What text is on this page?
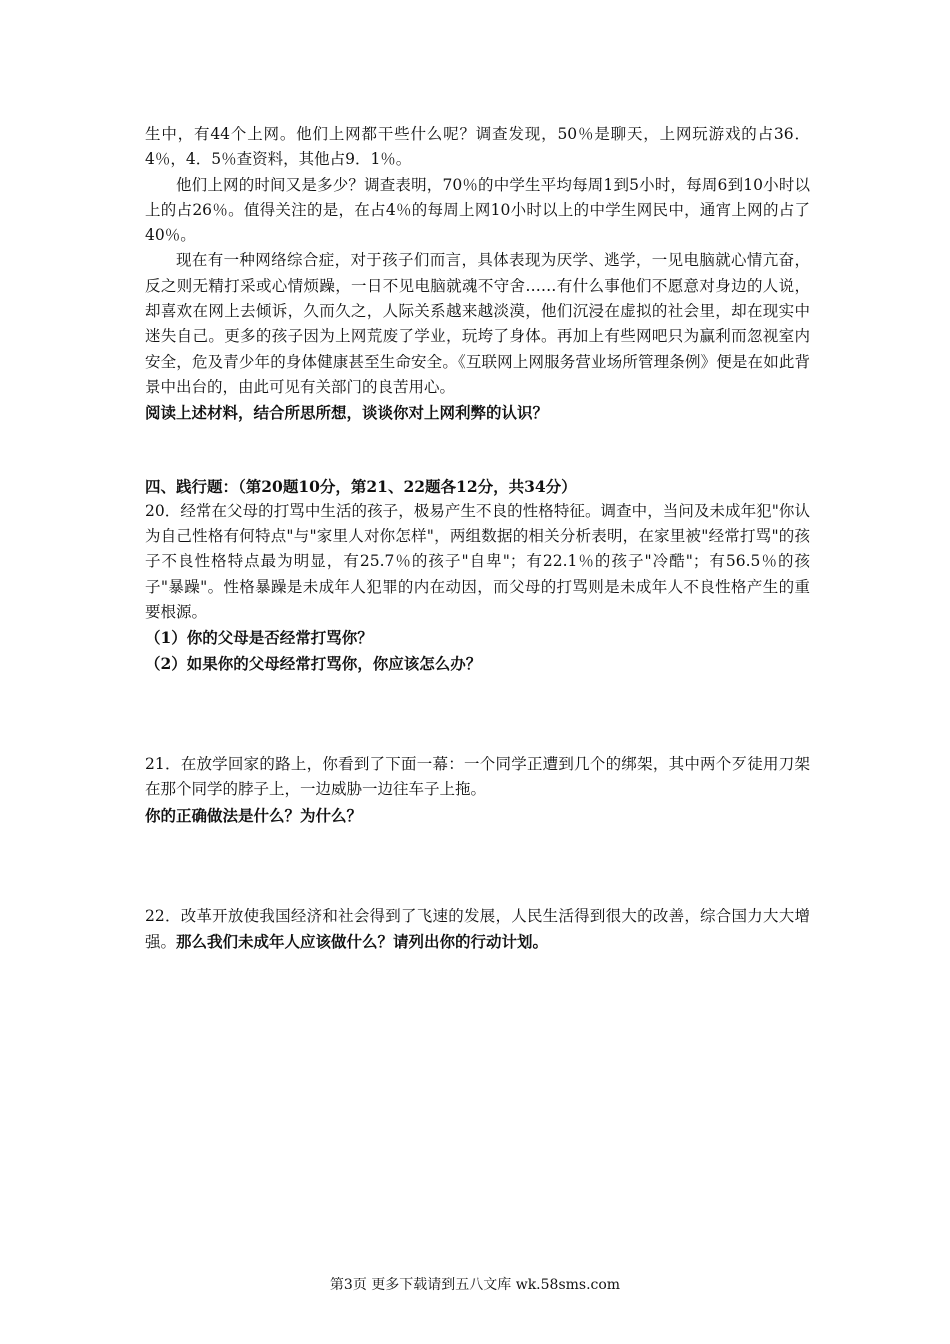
生中，有44个上网。他们上网都干些什么呢？调查发现，50％是聊天，上网玩游戏的占36．4％，4．5％查资料，其他占9．1％。

他们上网的时间又是多少？调查表明，70％的中学生平均每周1到5小时，每周6到10小时以上的占26％。值得关注的是，在占4％的每周上网10小时以上的中学生网民中，通宵上网的占了40％。

现在有一种网络综合症，对于孩子们而言，具体表现为厌学、逃学，一见电脑就心情亢奋，反之则无精打采或心情烦躁，一日不见电脑就魂不守舍……有什么事他们不愿意对身边的人说，却喜欢在网上去倾诉，久而久之，人际关系越来越淡漠，他们沉浸在虚拟的社会里，却在现实中迷失自己。更多的孩子因为上网荒废了学业，玩垮了身体。再加上有些网吧只为赢利而忽视室内安全，危及青少年的身体健康甚至生命安全。《互联网上网服务营业场所管理条例》便是在如此背景中出台的，由此可见有关部门的良苦用心。

阅读上述材料，结合所思所想，谈谈你对上网利弊的认识？

四、践行题：（第20题10分，第21、22题各12分，共34分）

20．经常在父母的打骂中生活的孩子，极易产生不良的性格特征。调查中，当问及未成年犯"你认为自己性格有何特点"与"家里人对你怎样"，两组数据的相关分析表明，在家里被"经常打骂"的孩子不良性格特点最为明显，有25.7％的孩子"自卑"；有22.1％的孩子"冷酷"；有56.5％的孩子"暴躁"。性格暴躁是未成年人犯罪的内在动因，而父母的打骂则是未成年人不良性格产生的重要根源。

（1）你的父母是否经常打骂你？

（2）如果你的父母经常打骂你，你应该怎么办？

21．在放学回家的路上，你看到了下面一幕：一个同学正遭到几个的绑架，其中两个歹徒用刀架在那个同学的脖子上，一边威胁一边往车子上拖。

你的正确做法是什么？为什么？

22．改革开放使我国经济和社会得到了飞速的发展，人民生活得到很大的改善，综合国力大大增强。那么我们未成年人应该做什么？请列出你的行动计划。

第3页 更多下载请到五八文库 wk.58sms.com
